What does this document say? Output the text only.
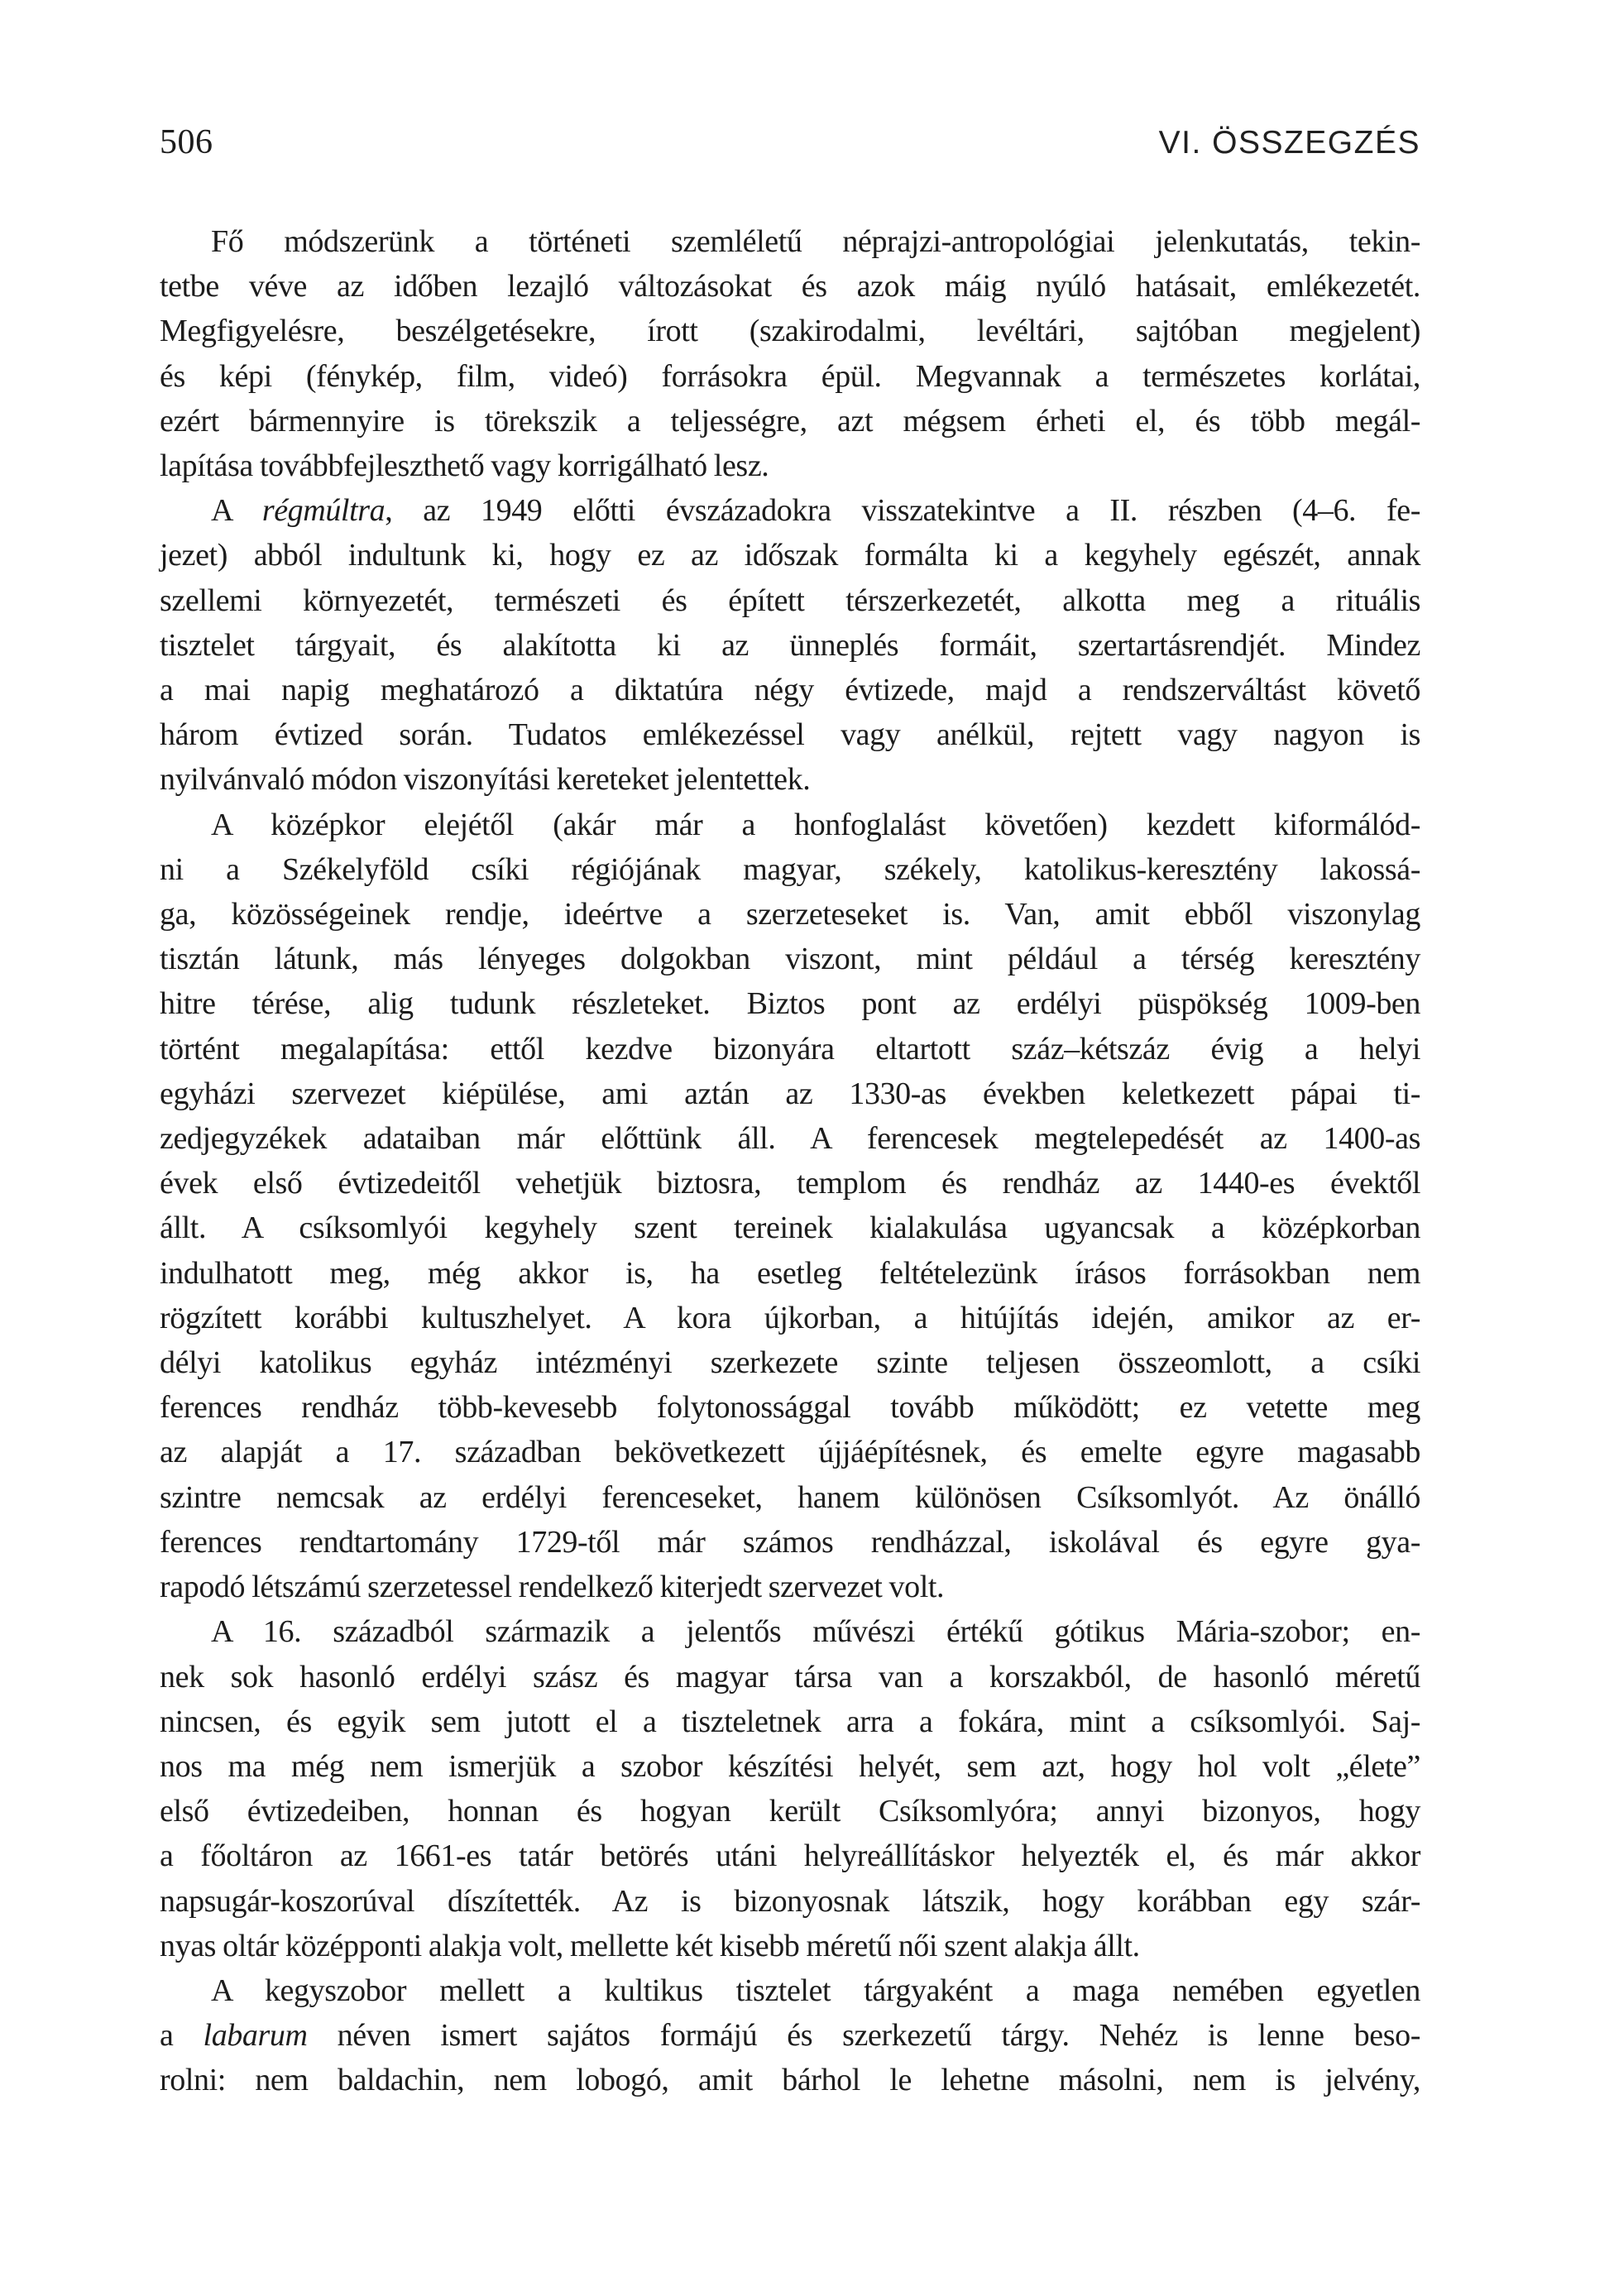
506	VI. ÖSSZEGZÉS
Fő módszerünk a történeti szemléletű néprajzi-antropológiai jelenkutatás, tekin-
tetbe véve az időben lezajló változásokat és azok máig nyúló hatásait, emlékezetét.
Megfigyelésre, beszélgetésekre, írott (szakirodalmi, levéltári, sajtóban megjelent)
és képi (fénykép, film, videó) forrásokra épül. Megvannak a természetes korlátai,
ezért bármennyire is törekszik a teljességre, azt mégsem érheti el, és több megál-
lapítása továbbfejleszthető vagy korrigálható lesz.
A régmúltra, az 1949 előtti évszázadokra visszatekintve a II. részben (4–6. fe-
jezet) abból indultunk ki, hogy ez az időszak formálta ki a kegyhely egészét, annak
szellemi környezetét, természeti és épített térszerkezetét, alkotta meg a rituális
tisztelet tárgyait, és alakította ki az ünneplés formáit, szertartásrendjét. Mindez
a mai napig meghatározó a diktatúra négy évtizede, majd a rendszerváltást követő
három évtized során. Tudatos emlékezéssel vagy anélkül, rejtett vagy nagyon is
nyilvánvaló módon viszonyítási kereteket jelentettek.
A középkor elejétől (akár már a honfoglalást követően) kezdett kiformálód-
ni a Székelyföld csíki régiójának magyar, székely, katolikus-keresztény lakossá-
ga, közösségeinek rendje, ideértve a szerzeteseket is. Van, amit ebből viszonylag
tisztán látunk, más lényeges dolgokban viszont, mint például a térség keresztény
hitre térése, alig tudunk részleteket. Biztos pont az erdélyi püspökség 1009-ben
történt megalapítása: ettől kezdve bizonyára eltartott száz–kétszáz évig a helyi
egyházi szervezet kiépülése, ami aztán az 1330-as években keletkezett pápai ti-
zedjegyzékek adataiban már előttünk áll. A ferencesek megtelepedését az 1400-as
évek első évtizedeitől vehetjük biztosra, templom és rendház az 1440-es évektől
állt. A csíksomlyói kegyhely szent tereinek kialakulása ugyancsak a középkorban
indulhatott meg, még akkor is, ha esetleg feltételezünk írásos forrásokban nem
rögzített korábbi kultuszhelyet. A kora újkorban, a hitújítás idején, amikor az er-
délyi katolikus egyház intézményi szerkezete szinte teljesen összeomlott, a csíki
ferences rendház több-kevesebb folytonossággal tovább működött; ez vetette meg
az alapját a 17. században bekövetkezett újjáépítésnek, és emelte egyre magasabb
szintre nemcsak az erdélyi ferenceseket, hanem különösen Csíksomlyót. Az önálló
ferences rendtartomány 1729-től már számos rendházzal, iskolával és egyre gya-
rapodó létszámú szerzetessel rendelkező kiterjedt szervezet volt.
A 16. századból származik a jelentős művészi értékű gótikus Mária-szobor; en-
nek sok hasonló erdélyi szász és magyar társa van a korszakból, de hasonló méretű
nincsen, és egyik sem jutott el a tiszteletnek arra a fokára, mint a csíksomlyói. Saj-
nos ma még nem ismerjük a szobor készítési helyét, sem azt, hogy hol volt „élete”
első évtizedeiben, honnan és hogyan került Csíksomlyóra; annyi bizonyos, hogy
a főoltáron az 1661-es tatár betörés utáni helyreállításkor helyezték el, és már akkor
napsugár-koszorúval díszítették. Az is bizonyosnak látszik, hogy korábban egy szár-
nyas oltár középponti alakja volt, mellette két kisebb méretű női szent alakja állt.
A kegyszobor mellett a kultikus tisztelet tárgyaként a maga nemében egyetlen
a labarum néven ismert sajátos formájú és szerkezetű tárgy. Nehéz is lenne beso-
rolni: nem baldachin, nem lobogó, amit bárhol le lehetne másolni, nem is jelvény,
